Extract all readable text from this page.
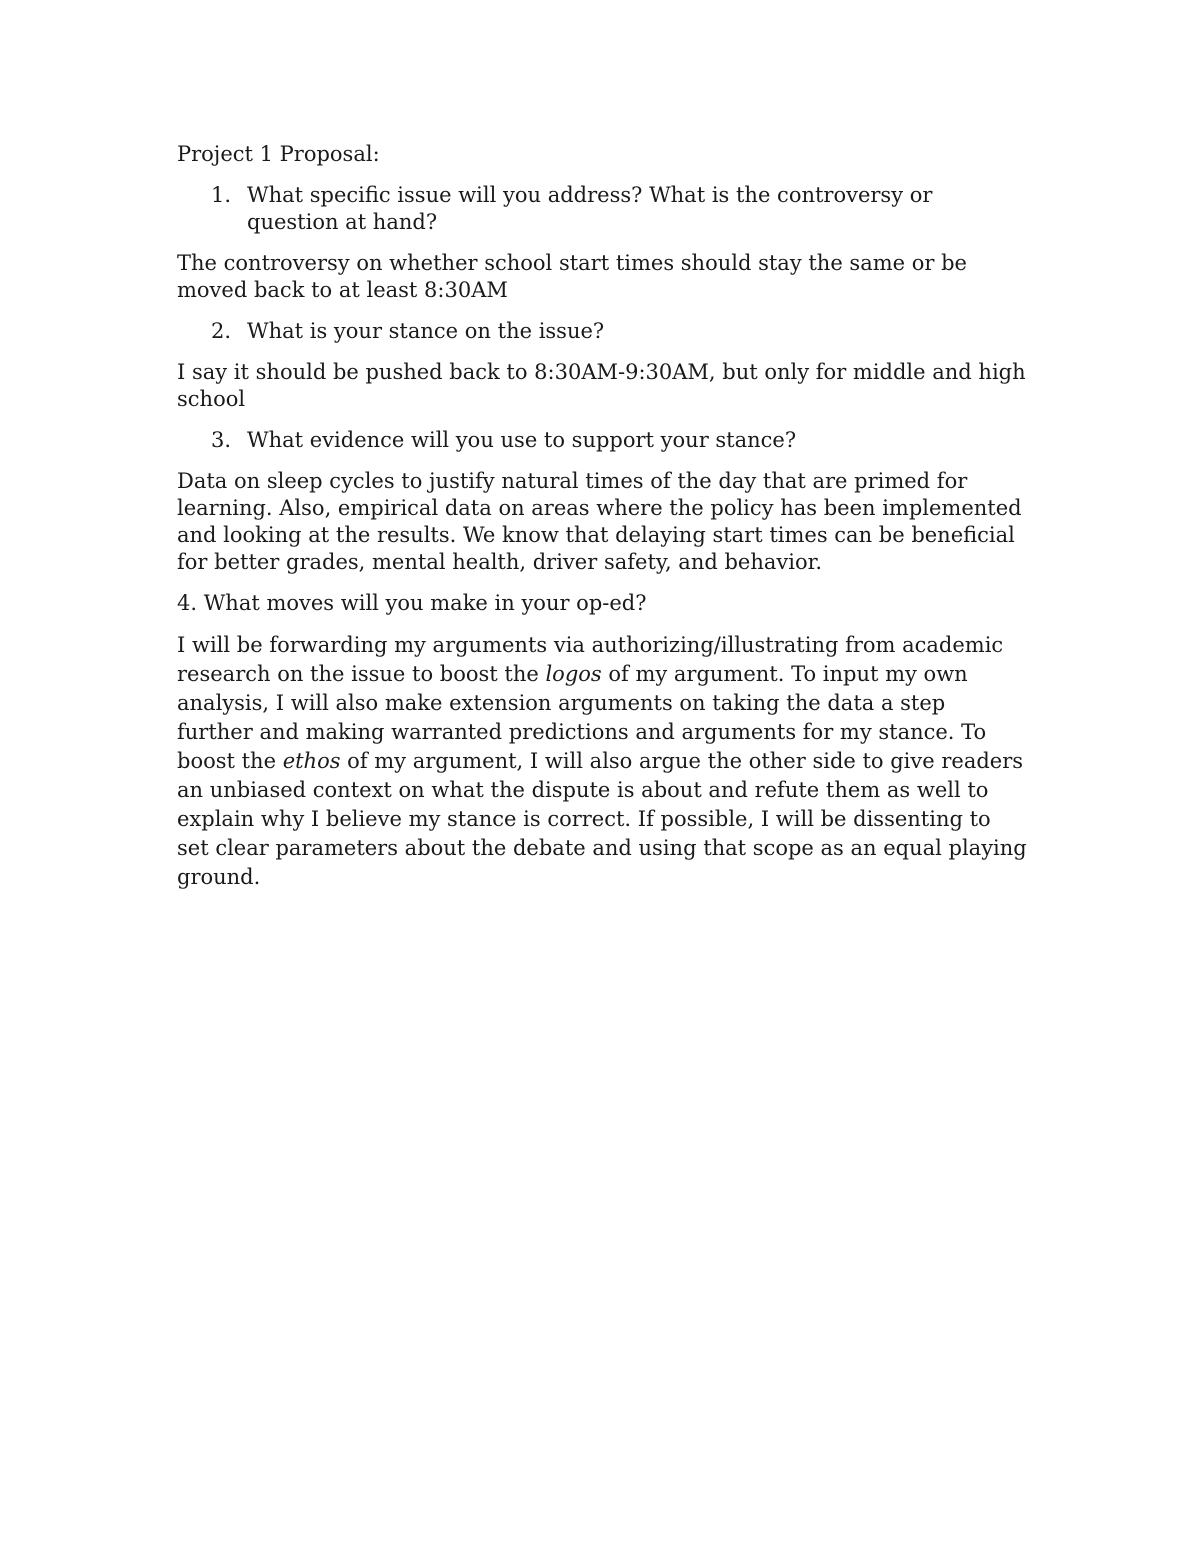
Project 1 Proposal:
1. What specific issue will you address? What is the controversy or question at hand?
The controversy on whether school start times should stay the same or be moved back to at least 8:30AM
2. What is your stance on the issue?
I say it should be pushed back to 8:30AM-9:30AM, but only for middle and high school
3. What evidence will you use to support your stance?
Data on sleep cycles to justify natural times of the day that are primed for learning. Also, empirical data on areas where the policy has been implemented and looking at the results. We know that delaying start times can be beneficial for better grades, mental health, driver safety, and behavior.
4. What moves will you make in your op-ed?
I will be forwarding my arguments via authorizing/illustrating from academic research on the issue to boost the logos of my argument. To input my own analysis, I will also make extension arguments on taking the data a step further and making warranted predictions and arguments for my stance. To boost the ethos of my argument, I will also argue the other side to give readers an unbiased context on what the dispute is about and refute them as well to explain why I believe my stance is correct. If possible, I will be dissenting to set clear parameters about the debate and using that scope as an equal playing ground.
